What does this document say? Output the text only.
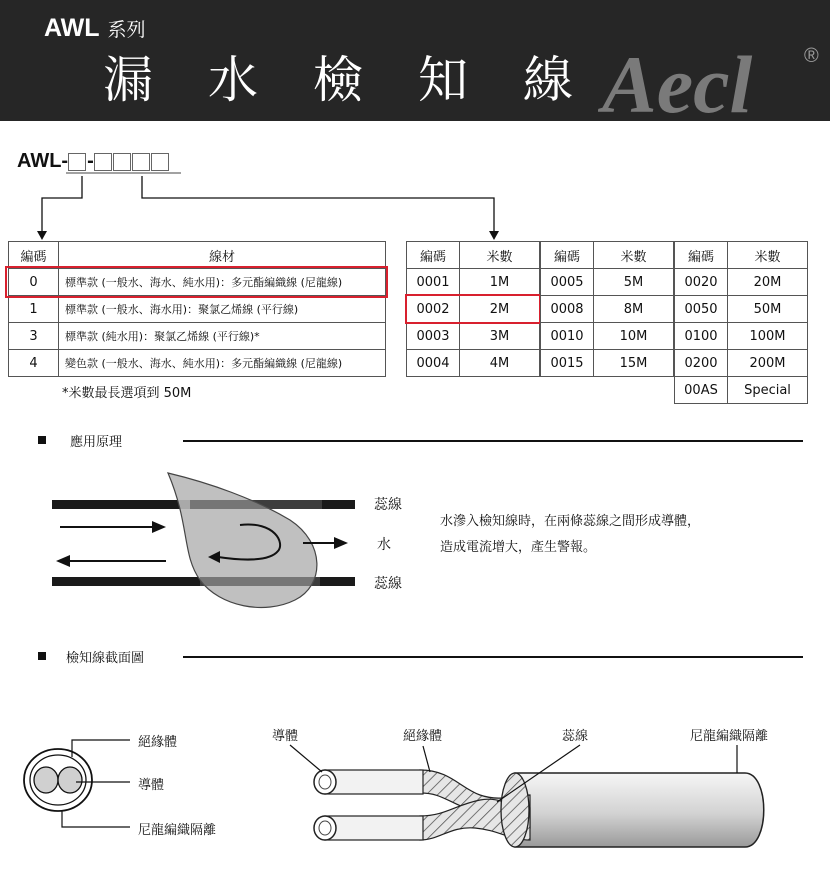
AWL 系列
漏水檢知線
Aecl	®
AWL- -
編碼	線材
0	標準款 (一般水、海水、純水用)：多元酯編織線 (尼龍線)
1	標準款 (一般水、海水用)：聚氯乙烯線 (平行線)
3	標準款 (純水用)：聚氯乙烯線 (平行線)*
4	變色款 (一般水、海水、純水用)：多元酯編織線 (尼龍線)
*米數最長選項到 50M
編碼	米數
0001	1M
0002	2M
0003	3M
0004	4M
編碼	米數
0005	5M
0008	8M
0010	10M
0015	15M
編碼	米數
0020	20M
0050	50M
0100	100M
0200	200M
00AS	Special
應用原理
蕊線
水
蕊線
水滲入檢知線時，在兩條蕊線之間形成導體，
造成電流增大，產生警報。
檢知線截面圖
絕緣體
導體
尼龍編織隔離
導體	絕緣體	蕊線	尼龍編織隔離
